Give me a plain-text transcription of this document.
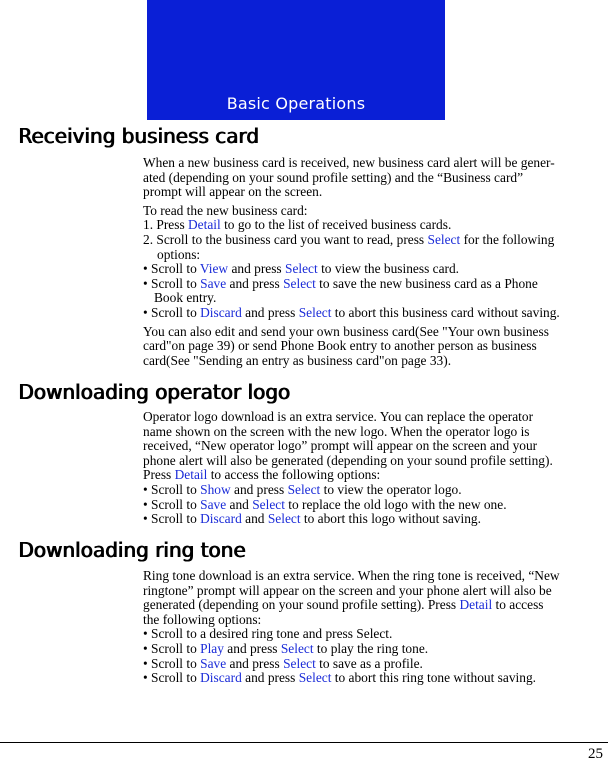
Basic Operations
Receiving business card

When a new business card is received, new business card alert will be gener-
ated (depending on your sound profile setting) and the “Business card”
prompt will appear on the screen.

To read the new business card:
1. Press Detail to go to the list of received business cards.
2. Scroll to the business card you want to read, press Select for the following
options:
• Scroll to View and press Select to view the business card.
• Scroll to Save and press Select to save the new business card as a Phone
Book entry.
• Scroll to Discard and press Select to abort this business card without saving.

You can also edit and send your own business card(See "Your own business
card"on page 39) or send Phone Book entry to another person as business
card(See "Sending an entry as business card"on page 33).

Downloading operator logo

Operator logo download is an extra service. You can replace the operator
name shown on the screen with the new logo. When the operator logo is
received, “New operator logo” prompt will appear on the screen and your
phone alert will also be generated (depending on your sound profile setting).
Press Detail to access the following options:
• Scroll to Show and press Select to view the operator logo.
• Scroll to Save and Select to replace the old logo with the new one.
• Scroll to Discard and Select to abort this logo without saving.

Downloading ring tone

Ring tone download is an extra service. When the ring tone is received, “New
ringtone” prompt will appear on the screen and your phone alert will also be
generated (depending on your sound profile setting). Press Detail to access
the following options:
• Scroll to a desired ring tone and press Select.
• Scroll to Play and press Select to play the ring tone.
• Scroll to Save and press Select to save as a profile.
• Scroll to Discard and press Select to abort this ring tone without saving.

25
